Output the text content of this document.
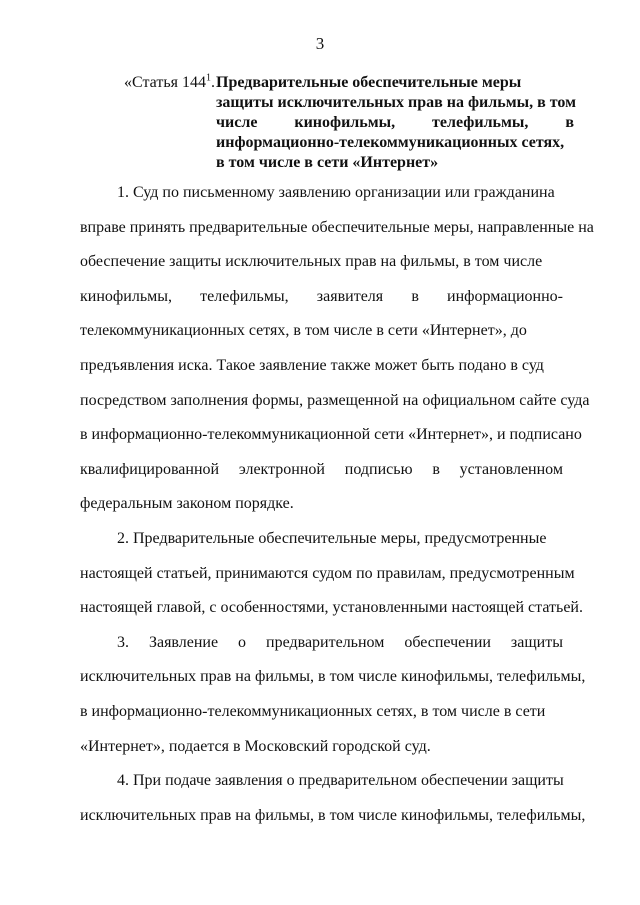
3
«Статья $144^1$. Предварительные обеспечительные меры
защиты исключительных прав на фильмы, в том
числе кинофильмы, телефильмы, в
информационно-телекоммуникационных сетях,
в том числе в сети «Интернет»
1. Суд по письменному заявлению организации или гражданина
вправе принять предварительные обеспечительные меры, направленные на
обеспечение защиты исключительных прав на фильмы, в том числе
кинофильмы, телефильмы, заявителя в информационно-
телекоммуникационных сетях, в том числе в сети «Интернет», до
предъявления иска. Такое заявление также может быть подано в суд
посредством заполнения формы, размещенной на официальном сайте суда
в информационно-телекоммуникационной сети «Интернет», и подписано
квалифицированной электронной подписью в установленном
федеральным законом порядке.
2. Предварительные обеспечительные меры, предусмотренные
настоящей статьей, принимаются судом по правилам, предусмотренным
настоящей главой, с особенностями, установленными настоящей статьей.
3. Заявление о предварительном обеспечении защиты
исключительных прав на фильмы, в том числе кинофильмы, телефильмы,
в информационно-телекоммуникационных сетях, в том числе в сети
«Интернет», подается в Московский городской суд.
4. При подаче заявления о предварительном обеспечении защиты
исключительных прав на фильмы, в том числе кинофильмы, телефильмы,
